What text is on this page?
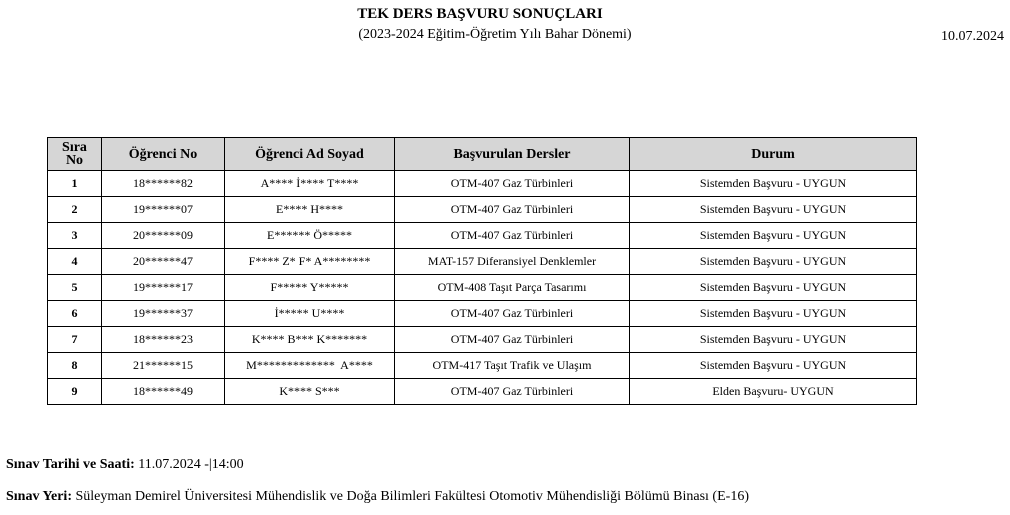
TEK DERS BAŞVURU SONUÇLARI
(2023-2024 Eğitim-Öğretim Yılı Bahar Dönemi)	10.07.2024
Sıra No	Öğrenci No	Öğrenci Ad Soyad	Başvurulan Dersler	Durum
1	18******82	A**** İ**** T****	OTM-407 Gaz Türbinleri	Sistemden Başvuru - UYGUN
2	19******07	E**** H****	OTM-407 Gaz Türbinleri	Sistemden Başvuru - UYGUN
3	20******09	E****** Ö*****	OTM-407 Gaz Türbinleri	Sistemden Başvuru - UYGUN
4	20******47	F**** Z* F* A********	MAT-157 Diferansiyel Denklemler	Sistemden Başvuru - UYGUN
5	19******17	F***** Y*****	OTM-408 Taşıt Parça Tasarımı	Sistemden Başvuru - UYGUN
6	19******37	İ***** U****	OTM-407 Gaz Türbinleri	Sistemden Başvuru - UYGUN
7	18******23	K**** B*** K*******	OTM-407 Gaz Türbinleri	Sistemden Başvuru - UYGUN
8	21******15	M*************  A****	OTM-417 Taşıt Trafik ve Ulaşım	Sistemden Başvuru - UYGUN
9	18******49	K**** S***	OTM-407 Gaz Türbinleri	Elden Başvuru- UYGUN
Sınav Tarihi ve Saati: 11.07.2024 -|14:00
Sınav Yeri: Süleyman Demirel Üniversitesi Mühendislik ve Doğa Bilimleri Fakültesi Otomotiv Mühendisliği Bölümü Binası (E-16)
